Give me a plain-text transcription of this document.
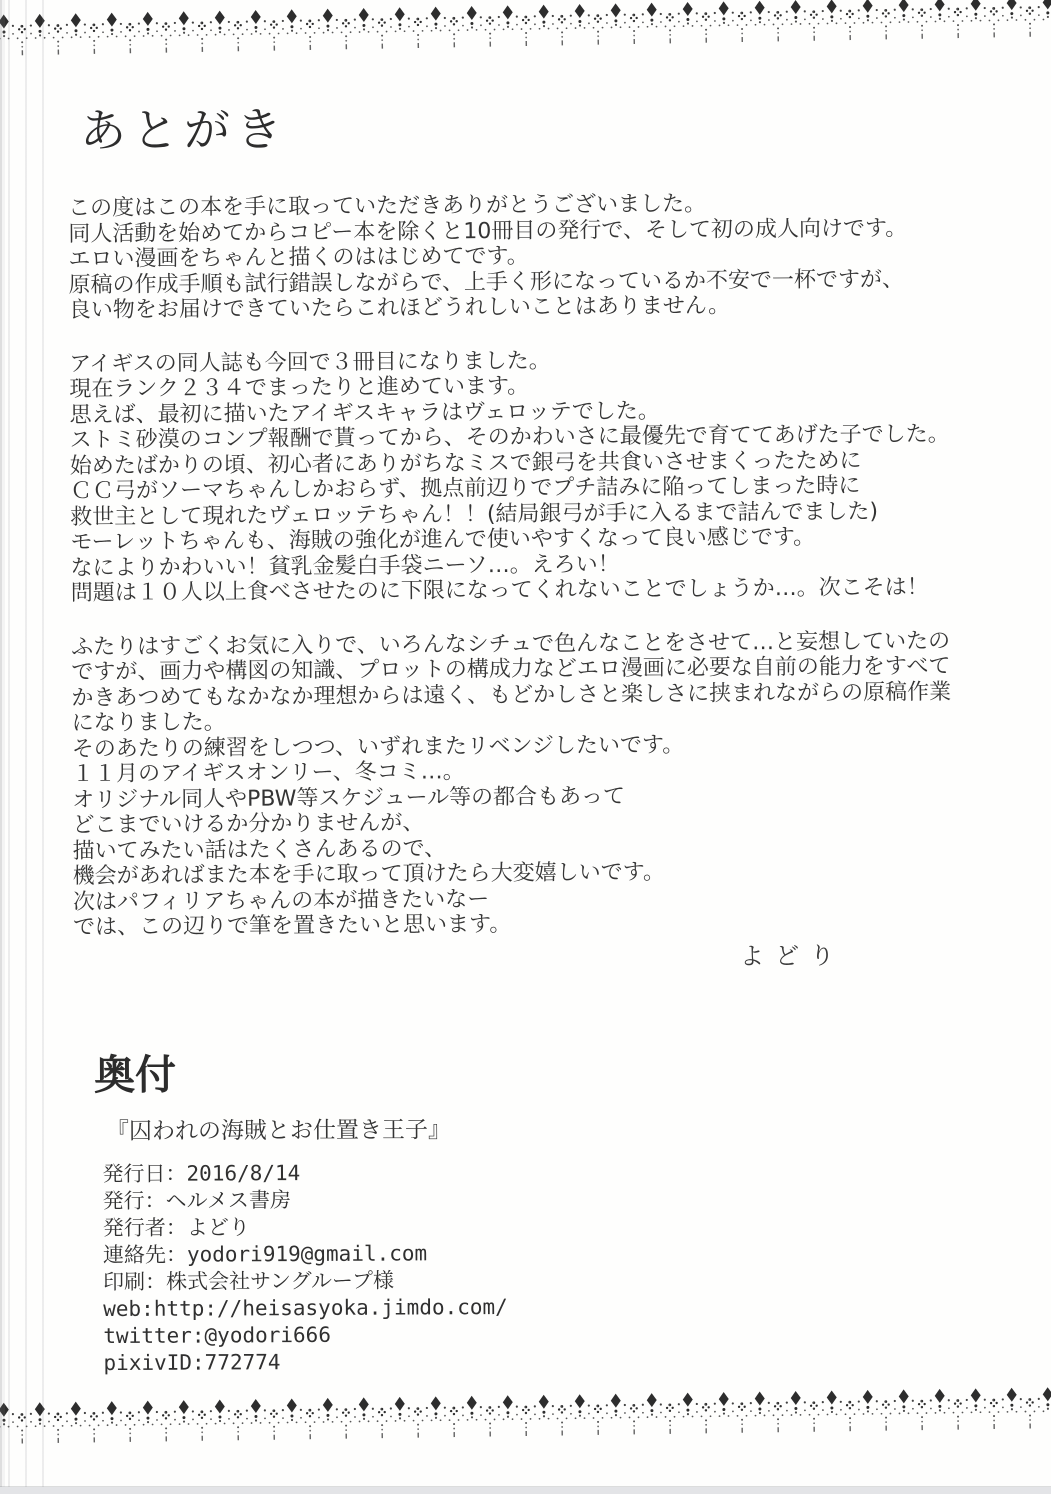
あとがき
この度はこの本を手に取っていただきありがとうございました。
同人活動を始めてからコピー本を除くと10冊目の発行で、そして初の成人向けです。
エロい漫画をちゃんと描くのははじめてです。
原稿の作成手順も試行錯誤しながらで、上手く形になっているか不安で一杯ですが、
良い物をお届けできていたらこれほどうれしいことはありません。
アイギスの同人誌も今回で３冊目になりました。
現在ランク２３４でまったりと進めています。
思えば、最初に描いたアイギスキャラはヴェロッテでした。
ストミ砂漠のコンプ報酬で貰ってから、そのかわいさに最優先で育ててあげた子でした。
始めたばかりの頃、初心者にありがちなミスで銀弓を共食いさせまくったために
ＣＣ弓がソーマちゃんしかおらず、拠点前辺りでプチ詰みに陥ってしまった時に
救世主として現れたヴェロッテちゃん！！(結局銀弓が手に入るまで詰んでました)
モーレットちゃんも、海賊の強化が進んで使いやすくなって良い感じです。
なによりかわいい！貧乳金髪白手袋ニーソ…。えろい！
問題は１０人以上食べさせたのに下限になってくれないことでしょうか…。次こそは！
ふたりはすごくお気に入りで、いろんなシチュで色んなことをさせて…と妄想していたの
ですが、画力や構図の知識、プロットの構成力などエロ漫画に必要な自前の能力をすべて
かきあつめてもなかなか理想からは遠く、もどかしさと楽しさに挟まれながらの原稿作業
になりました。
そのあたりの練習をしつつ、いずれまたリベンジしたいです。
１１月のアイギスオンリー、冬コミ…。
オリジナル同人やPBW等スケジュール等の都合もあって
どこまでいけるか分かりませんが、
描いてみたい話はたくさんあるので、
機会があればまた本を手に取って頂けたら大変嬉しいです。
次はパフィリアちゃんの本が描きたいなー
では、この辺りで筆を置きたいと思います。
よどり
奥付
『囚われの海賊とお仕置き王子』
発行日：2016/8/14
発行：ヘルメス書房
発行者：よどり
連絡先：yodori919@gmail.com
印刷：株式会社サングループ様
web:http://heisasyoka.jimdo.com/
twitter:@yodori666
pixivID:772774
